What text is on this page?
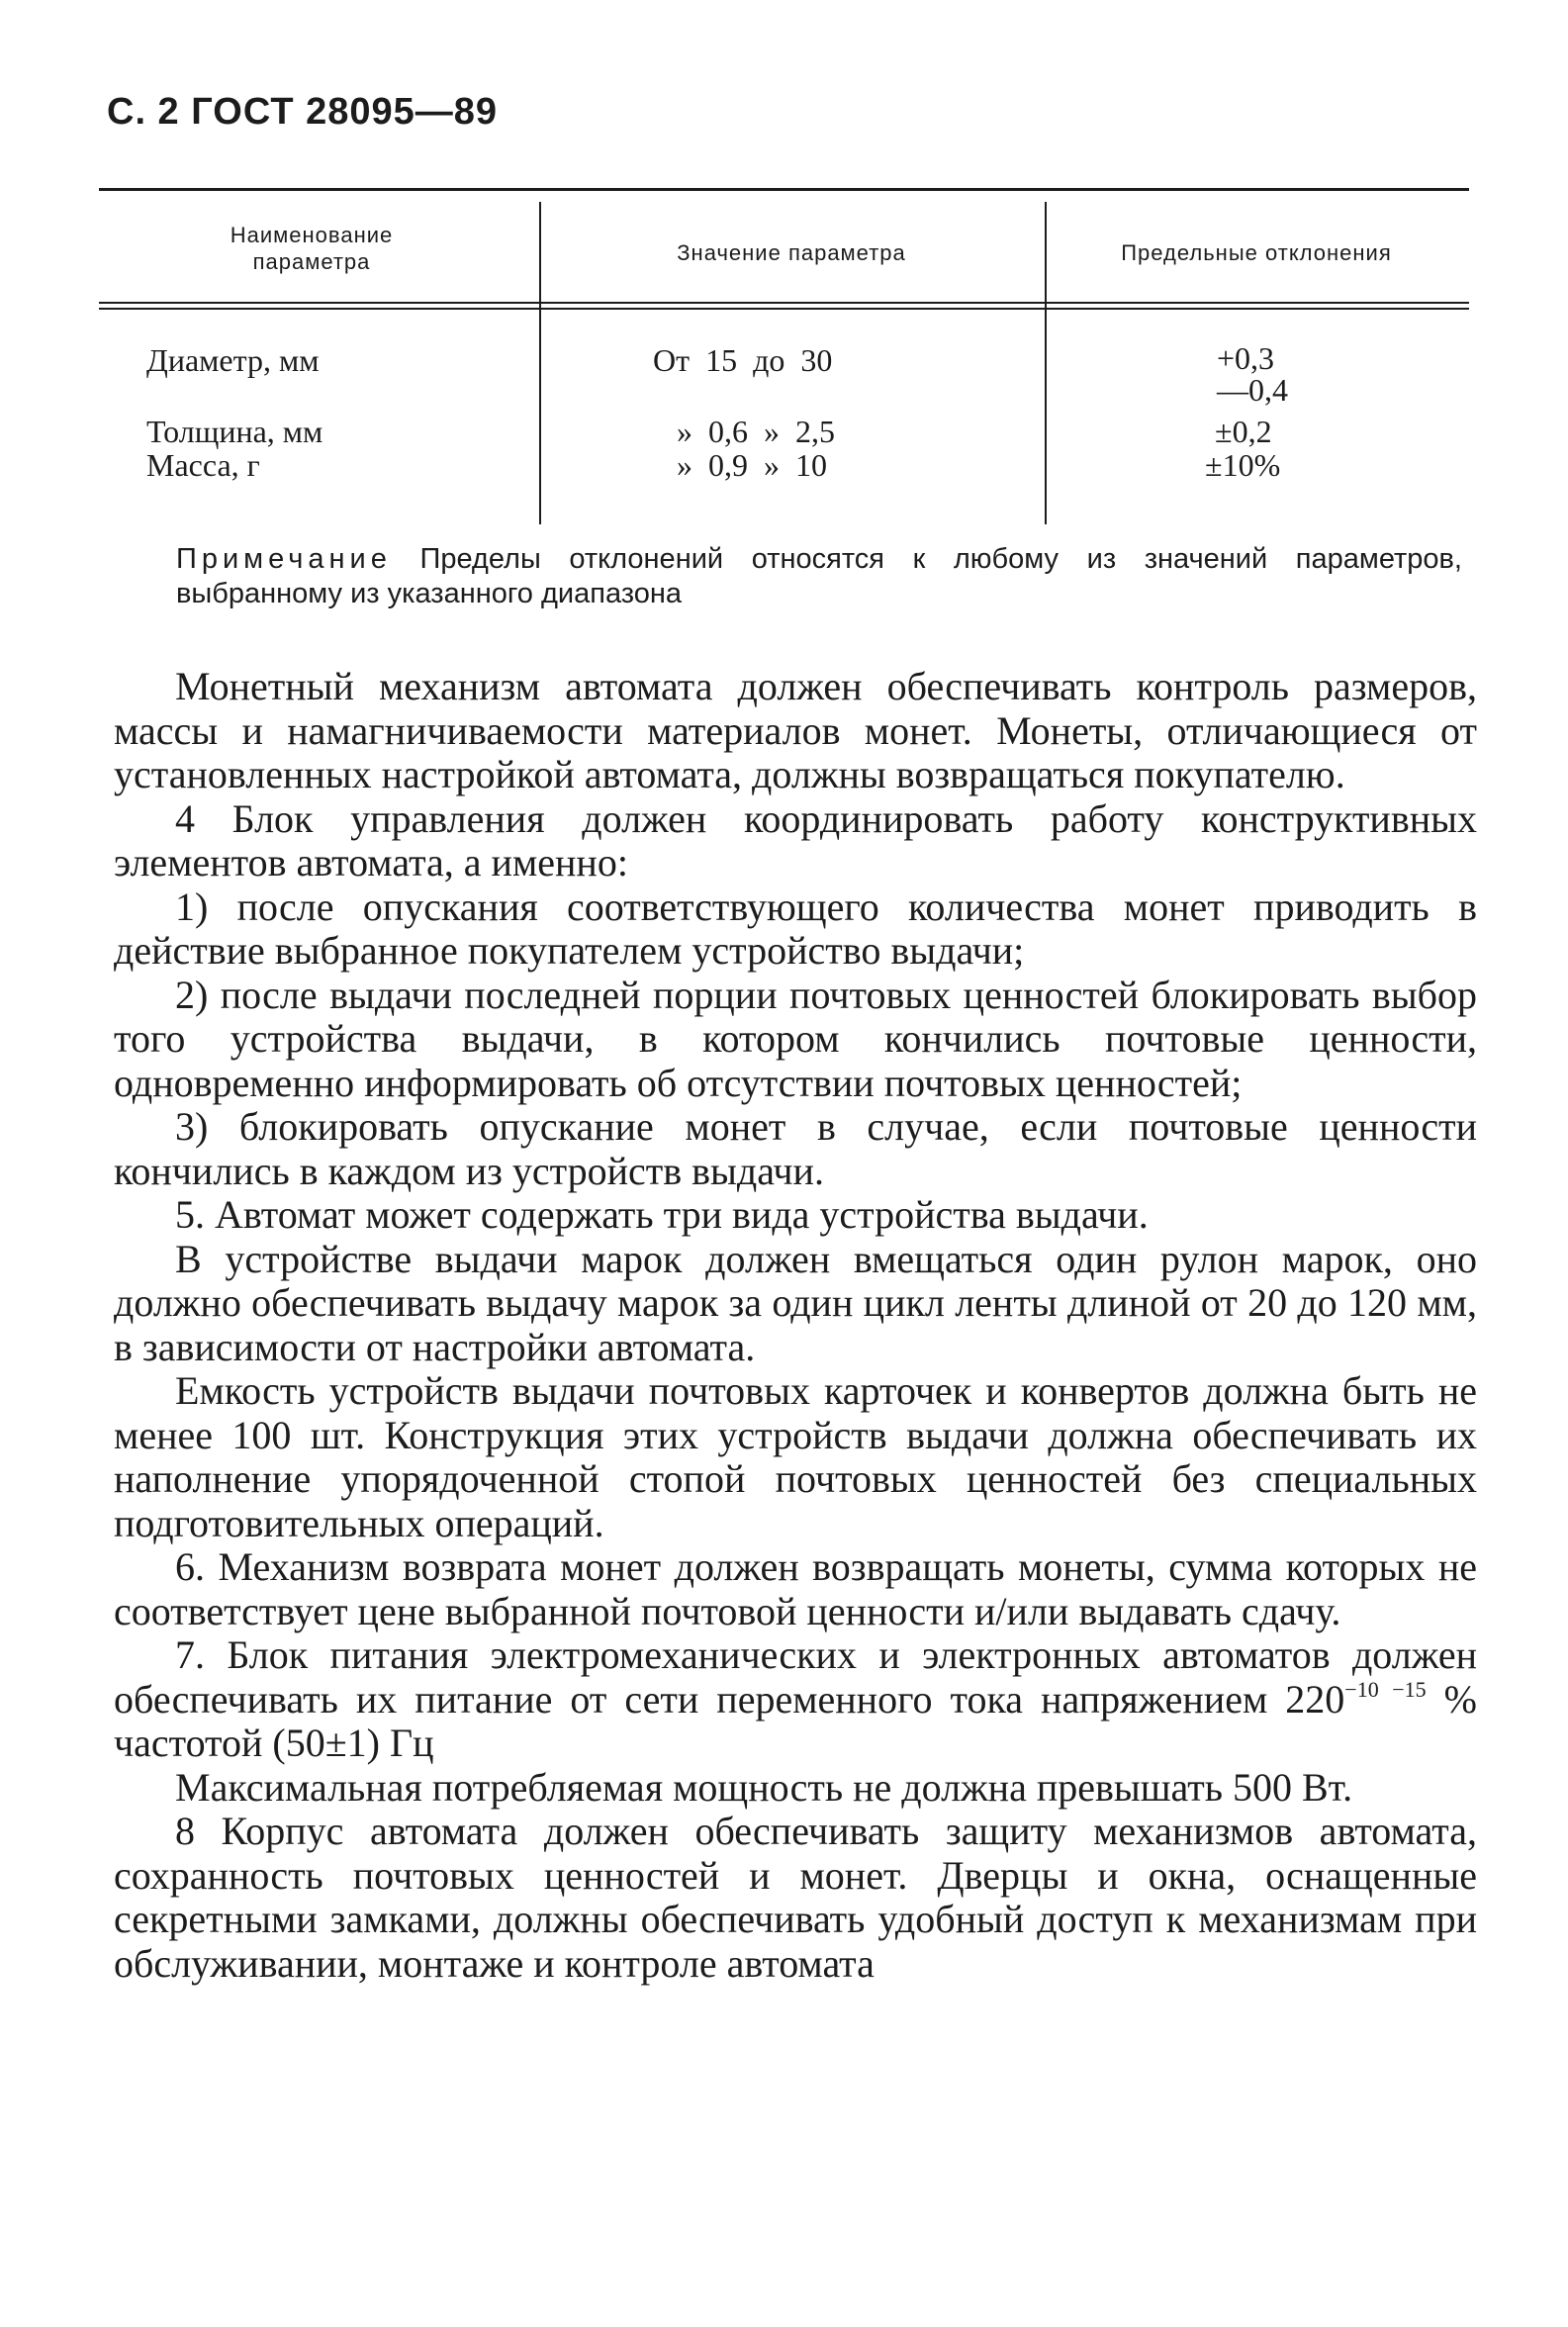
С. 2 ГОСТ 28095—89
Наименование параметра	Значение параметра	Предельные отклонения
Диаметр, мм	От  15  до  30	+0,3
—0,4
Толщина, мм	»  0,6  »  2,5	±0,2
Масса, г	»  0,9  »  10	±10%
Примечание Пределы отклонений относятся к любому из значений параметров, выбранному из указанного диапазона

Монетный механизм автомата должен обеспечивать контроль размеров, массы и намагничиваемости материалов монет. Монеты, отличающиеся от установленных настройкой автомата, должны возвращаться покупателю.

4 Блок управления должен координировать работу конструктивных элементов автомата, а именно:

1) после опускания соответствующего количества монет приводить в действие выбранное покупателем устройство выдачи;

2) после выдачи последней порции почтовых ценностей блокировать выбор того устройства выдачи, в котором кончились почтовые ценности, одновременно информировать об отсутствии почтовых ценностей;

3) блокировать опускание монет в случае, если почтовые ценности кончились в каждом из устройств выдачи.

5. Автомат может содержать три вида устройства выдачи.

В устройстве выдачи марок должен вмещаться один рулон марок, оно должно обеспечивать выдачу марок за один цикл ленты длиной от 20 до 120 мм, в зависимости от настройки автомата.

Емкость устройств выдачи почтовых карточек и конвертов должна быть не менее 100 шт. Конструкция этих устройств выдачи должна обеспечивать их наполнение упорядоченной стопой почтовых ценностей без специальных подготовительных операций.

6. Механизм возврата монет должен возвращать монеты, сумма которых не соответствует цене выбранной почтовой ценности и/или выдавать сдачу.

7. Блок питания электромеханических и электронных автоматов должен обеспечивать их питание от сети переменного тока напряжением $220^{-10 -15}$ % частотой (50±1) Гц

Максимальная потребляемая мощность не должна превышать 500 Вт.

8 Корпус автомата должен обеспечивать защиту механизмов автомата, сохранность почтовых ценностей и монет. Дверцы и окна, оснащенные секретными замками, должны обеспечивать удобный доступ к механизмам при обслуживании, монтаже и контроле автомата
